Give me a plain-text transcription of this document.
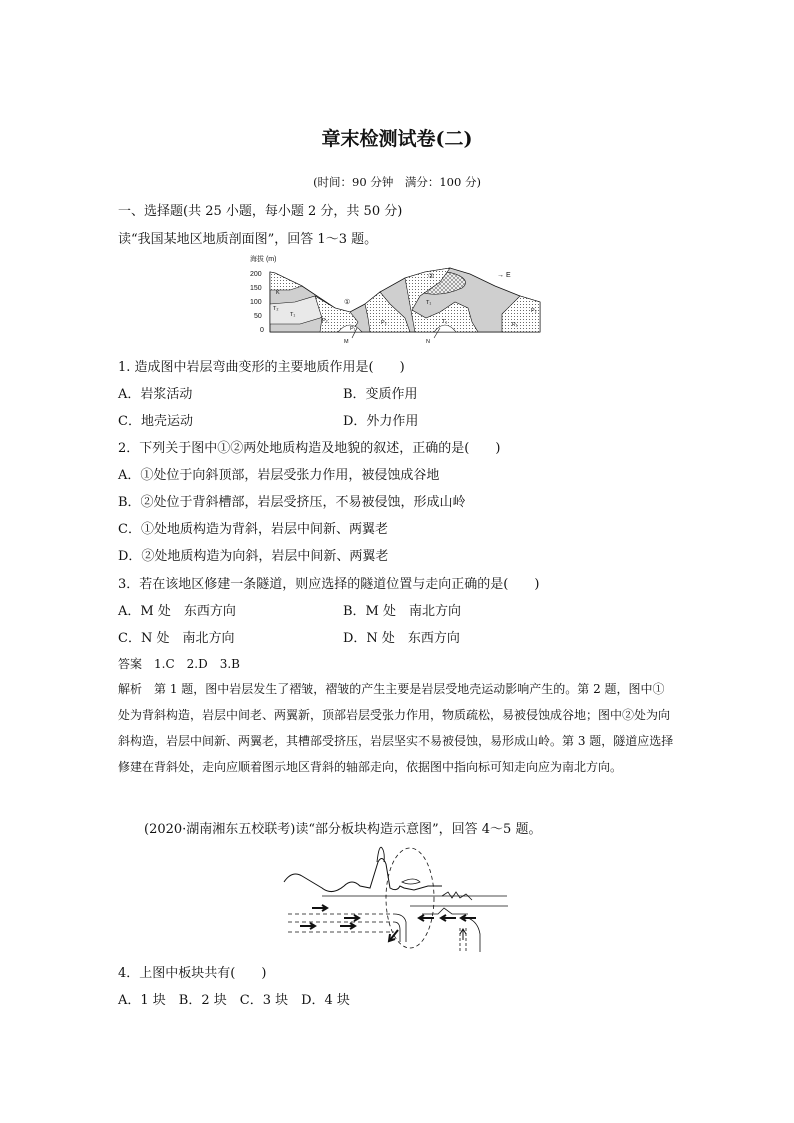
章末检测试卷(二)
(时间：90 分钟　满分：100 分)
一、选择题(共 25 小题，每小题 2 分，共 50 分)
读“我国某地区地质剖面图”，回答 1～3 题。
海拔 (m)
200
150
100
50
0
①
②	→ E
K
T₂
T₁
P₂
P₁
P₂
T₁
T₁	P₁
P₂
M	N
1. 造成图中岩层弯曲变形的主要地质作用是(　　)
A．岩浆活动	B．变质作用
C．地壳运动	D．外力作用
2．下列关于图中①②两处地质构造及地貌的叙述，正确的是(　　)
A．①处位于向斜顶部，岩层受张力作用，被侵蚀成谷地
B．②处位于背斜槽部，岩层受挤压，不易被侵蚀，形成山岭
C．①处地质构造为背斜，岩层中间新、两翼老
D．②处地质构造为向斜，岩层中间新、两翼老
3．若在该地区修建一条隧道，则应选择的隧道位置与走向正确的是(　　)
A．M 处　东西方向	B．M 处　南北方向
C．N 处　南北方向	D．N 处　东西方向
答案　1.C　2.D　3.B
解析　第 1 题，图中岩层发生了褶皱，褶皱的产生主要是岩层受地壳运动影响产生的。第 2 题，图中①处为背斜构造，岩层中间老、两翼新，顶部岩层受张力作用，物质疏松，易被侵蚀成谷地；图中②处为向斜构造，岩层中间新、两翼老，其槽部受挤压，岩层坚实不易被侵蚀，易形成山岭。第 3 题，隧道应选择修建在背斜处，走向应顺着图示地区背斜的轴部走向，依据图中指向标可知走向应为南北方向。
(2020·湖南湘东五校联考)读“部分板块构造示意图”，回答 4～5 题。
4．上图中板块共有(　　)
A．1 块　B．2 块　C．3 块　D．4 块
